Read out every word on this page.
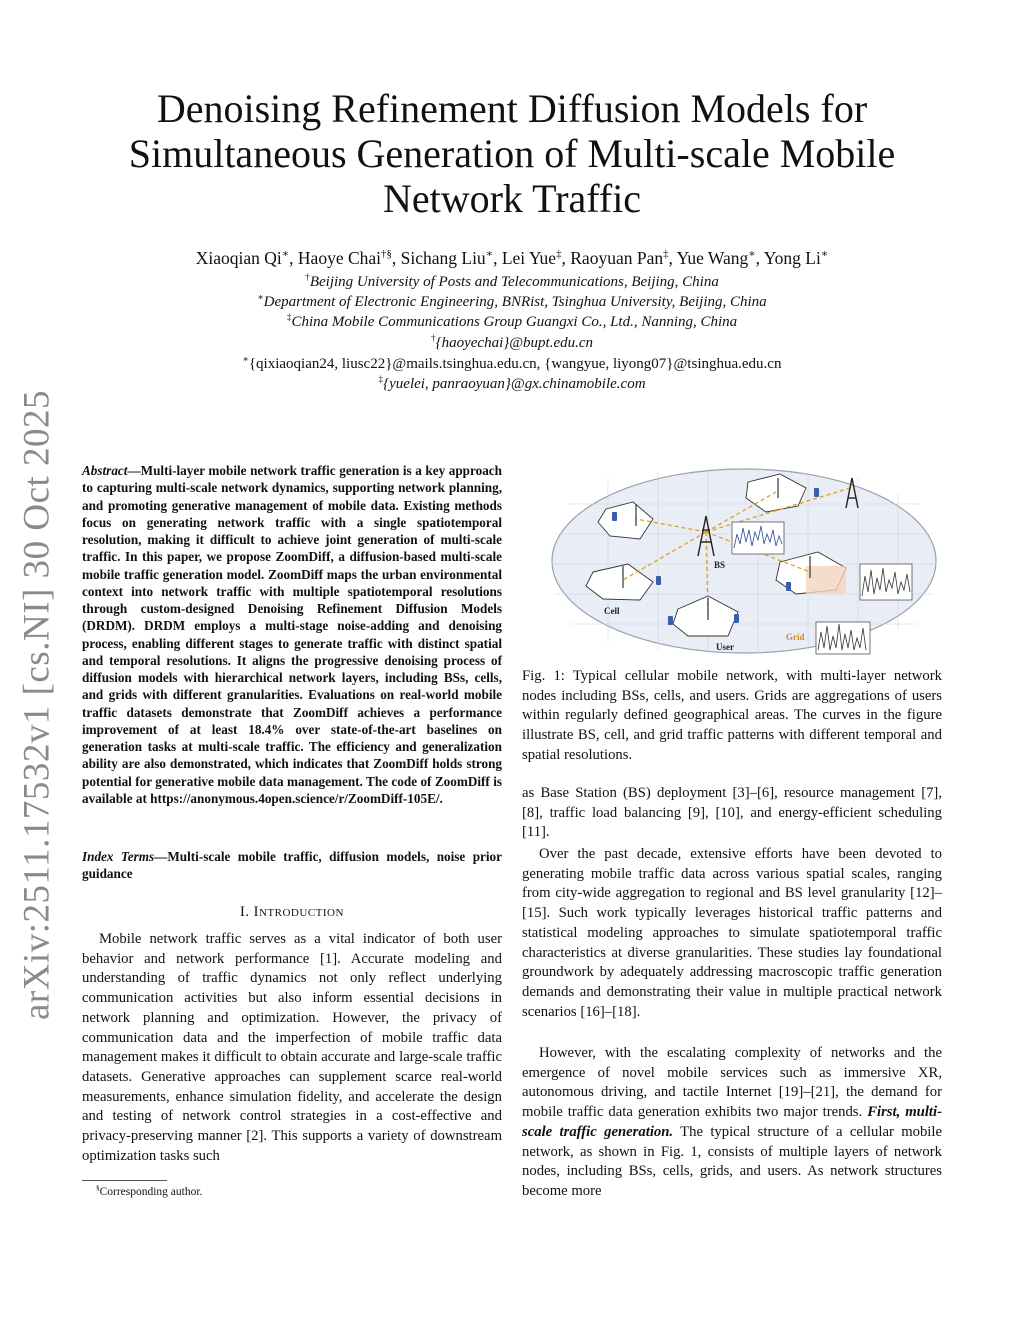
arXiv:2511.17532v1 [cs.NI] 30 Oct 2025
Denoising Refinement Diffusion Models for Simultaneous Generation of Multi-scale Mobile Network Traffic
Xiaoqian Qi∗, Haoye Chai†§, Sichang Liu∗, Lei Yue‡, Raoyuan Pan‡, Yue Wang∗, Yong Li∗
†Beijing University of Posts and Telecommunications, Beijing, China
∗Department of Electronic Engineering, BNRist, Tsinghua University, Beijing, China
‡China Mobile Communications Group Guangxi Co., Ltd., Nanning, China
†{haoyechai}@bupt.edu.cn
∗{qixiaoqian24, liusc22}@mails.tsinghua.edu.cn, {wangyue, liyong07}@tsinghua.edu.cn
‡{yuelei, panraoyuan}@gx.chinamobile.com
Abstract—Multi-layer mobile network traffic generation is a key approach to capturing multi-scale network dynamics, supporting network planning, and promoting generative management of mobile data. Existing methods focus on generating network traffic with a single spatiotemporal resolution, making it difficult to achieve joint generation of multi-scale traffic. In this paper, we propose ZoomDiff, a diffusion-based multi-scale mobile traffic generation model. ZoomDiff maps the urban environmental context into network traffic with multiple spatiotemporal resolutions through custom-designed Denoising Refinement Diffusion Models (DRDM). DRDM employs a multi-stage noise-adding and denoising process, enabling different stages to generate traffic with distinct spatial and temporal resolutions. It aligns the progressive denoising process of diffusion models with hierarchical network layers, including BSs, cells, and grids with different granularities. Evaluations on real-world mobile traffic datasets demonstrate that ZoomDiff achieves a performance improvement of at least 18.4% over state-of-the-art baselines on generation tasks at multi-scale traffic. The efficiency and generalization ability are also demonstrated, which indicates that ZoomDiff holds strong potential for generative mobile data management. The code of ZoomDiff is available at https://anonymous.4open.science/r/ZoomDiff-105E/.
Index Terms—Multi-scale mobile traffic, diffusion models, noise prior guidance
I. INTRODUCTION
Mobile network traffic serves as a vital indicator of both user behavior and network performance [1]. Accurate modeling and understanding of traffic dynamics not only reflect underlying communication activities but also inform essential decisions in network planning and optimization. However, the privacy of communication data and the imperfection of mobile traffic data management makes it difficult to obtain accurate and large-scale traffic datasets. Generative approaches can supplement scarce real-world measurements, enhance simulation fidelity, and accelerate the design and testing of network control strategies in a cost-effective and privacy-preserving manner [2]. This supports a variety of downstream optimization tasks such
§Corresponding author.
BS
Cell
User
Grid
Fig. 1: Typical cellular mobile network, with multi-layer network nodes including BSs, cells, and users. Grids are aggregations of users within regularly defined geographical areas. The curves in the figure illustrate BS, cell, and grid traffic patterns with different temporal and spatial resolutions.
as Base Station (BS) deployment [3]–[6], resource management [7], [8], traffic load balancing [9], [10], and energy-efficient scheduling [11].
Over the past decade, extensive efforts have been devoted to generating mobile traffic data across various spatial scales, ranging from city-wide aggregation to regional and BS level granularity [12]–[15]. Such work typically leverages historical traffic patterns and statistical modeling approaches to simulate spatiotemporal traffic characteristics at diverse granularities. These studies lay foundational groundwork by adequately addressing macroscopic traffic generation demands and demonstrating their value in multiple practical network scenarios [16]–[18].
However, with the escalating complexity of networks and the emergence of novel mobile services such as immersive XR, autonomous driving, and tactile Internet [19]–[21], the demand for mobile traffic data generation exhibits two major trends. First, multi-scale traffic generation. The typical structure of a cellular mobile network, as shown in Fig. 1, consists of multiple layers of network nodes, including BSs, cells, grids, and users. As network structures become more
